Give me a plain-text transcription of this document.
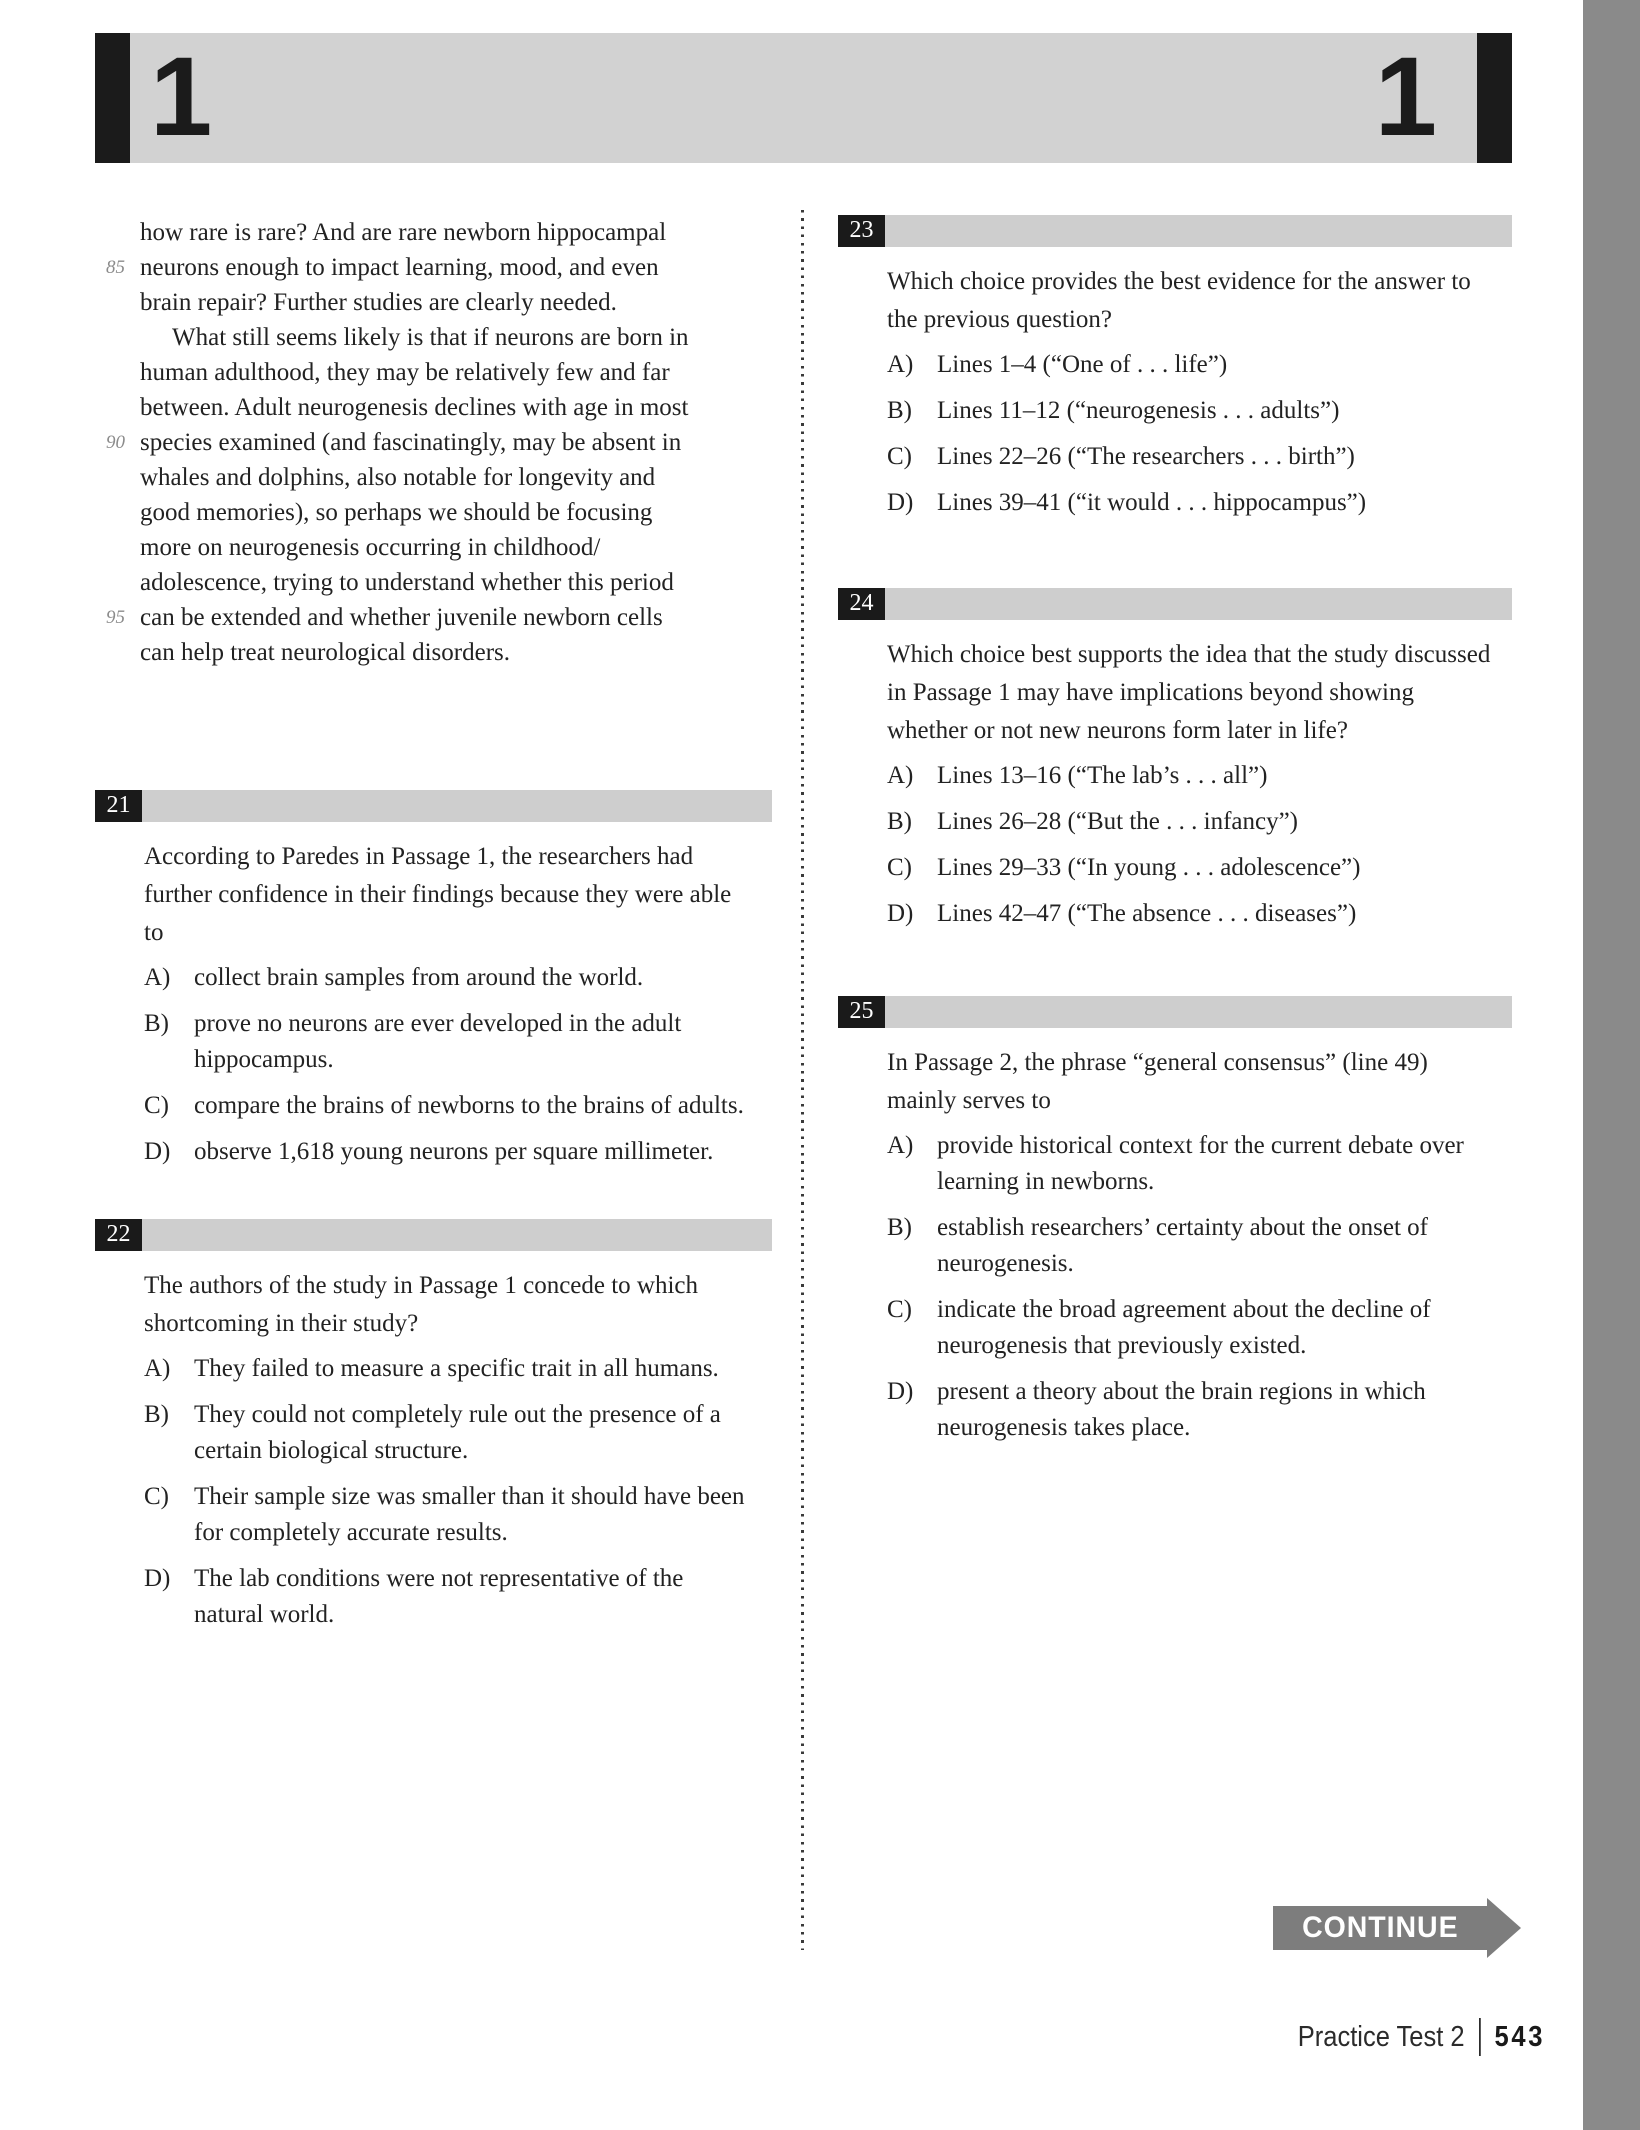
1	1
how rare is rare? And are rare newborn hippocampal
85 neurons enough to impact learning, mood, and even
brain repair? Further studies are clearly needed.
What still seems likely is that if neurons are born in
human adulthood, they may be relatively few and far
between. Adult neurogenesis declines with age in most
90 species examined (and fascinatingly, may be absent in
whales and dolphins, also notable for longevity and
good memories), so perhaps we should be focusing
more on neurogenesis occurring in childhood/
adolescence, trying to understand whether this period
95 can be extended and whether juvenile newborn cells
can help treat neurological disorders.
21

According to Paredes in Passage 1, the researchers had further confidence in their findings because they were able to

A) collect brain samples from around the world.
B)	prove no neurons are ever developed in the adult hippocampus.
C)	compare the brains of newborns to the brains of adults.
D) observe 1,618 young neurons per square millimeter.
22

The authors of the study in Passage 1 concede to which shortcoming in their study?

A) They failed to measure a specific trait in all humans.
B)	They could not completely rule out the presence of a certain biological structure.
C)	Their sample size was smaller than it should have been for completely accurate results.
D) The lab conditions were not representative of the natural world.
23

Which choice provides the best evidence for the answer to the previous question?

A) Lines 1–4 (“One of . . . life”)
B)	Lines 11–12 (“neurogenesis . . . adults”)
C)	Lines 22–26 (“The researchers . . . birth”)
D) Lines 39–41 (“it would . . . hippocampus”)
24

Which choice best supports the idea that the study discussed in Passage 1 may have implications beyond showing whether or not new neurons form later in life?

A) Lines 13–16 (“The lab’s . . . all”)
B)	Lines 26–28 (“But the . . . infancy”)
C)	Lines 29–33 (“In young . . . adolescence”)
D) Lines 42–47 (“The absence . . . diseases”)
25

In Passage 2, the phrase “general consensus” (line 49) mainly serves to

A) provide historical context for the current debate over learning in newborns.
B)	establish researchers’ certainty about the onset of neurogenesis.
C)	indicate the broad agreement about the decline of neurogenesis that previously existed.
D) present a theory about the brain regions in which neurogenesis takes place.
CONTINUE
Practice Test 2 543
